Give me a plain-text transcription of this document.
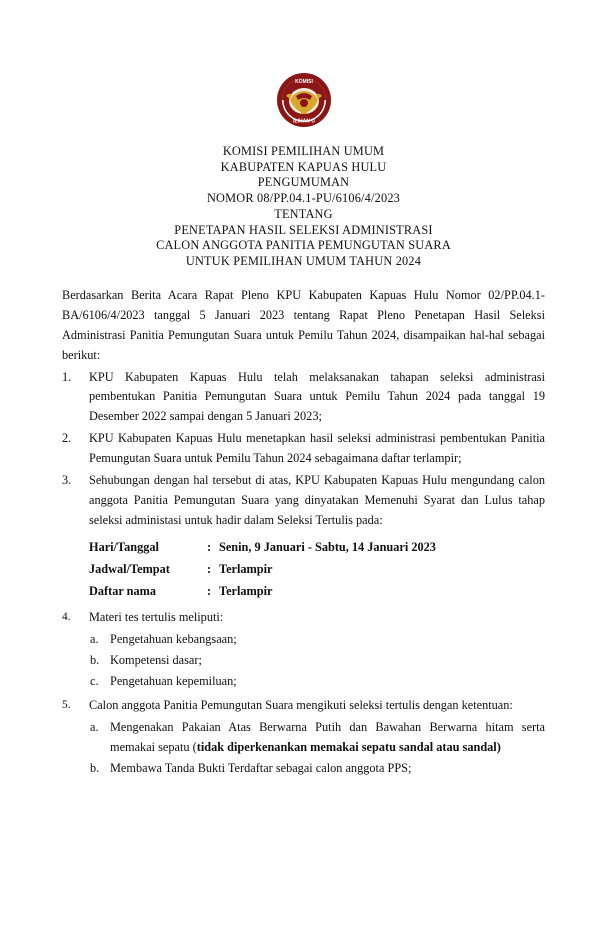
KOMISI
ILIHAN U
KOMISI PEMILIHAN UMUM
KABUPATEN KAPUAS HULU
PENGUMUMAN
NOMOR 08/PP.04.1-PU/6106/4/2023
TENTANG
PENETAPAN HASIL SELEKSI ADMINISTRASI
CALON ANGGOTA PANITIA PEMUNGUTAN SUARA
UNTUK PEMILIHAN UMUM TAHUN 2024
Berdasarkan Berita Acara Rapat Pleno KPU Kabupaten Kapuas Hulu Nomor 02/PP.04.1-BA/6106/4/2023 tanggal 5 Januari 2023 tentang Rapat Pleno Penetapan Hasil Seleksi Administrasi Panitia Pemungutan Suara untuk Pemilu Tahun 2024, disampaikan hal-hal sebagai berikut:
1.	KPU Kabupaten Kapuas Hulu telah melaksanakan tahapan seleksi administrasi pembentukan Panitia Pemungutan Suara untuk Pemilu Tahun 2024 pada tanggal 19 Desember 2022 sampai dengan 5 Januari 2023;
2.	KPU Kabupaten Kapuas Hulu menetapkan hasil seleksi administrasi pembentukan Panitia Pemungutan Suara untuk Pemilu Tahun 2024 sebagaimana daftar terlampir;
3.	Sehubungan dengan hal tersebut di atas, KPU Kabupaten Kapuas Hulu mengundang calon anggota Panitia Pemungutan Suara yang dinyatakan Memenuhi Syarat dan Lulus tahap seleksi administasi untuk hadir dalam Seleksi Tertulis pada:
Hari/Tanggal	: Senin, 9 Januari - Sabtu, 14 Januari 2023
Jadwal/Tempat	: Terlampir
Daftar nama	: Terlampir
4.	Materi tes tertulis meliputi:
a. Pengetahuan kebangsaan;
b. Kompetensi dasar;
c. Pengetahuan kepemiluan;
5.	Calon anggota Panitia Pemungutan Suara mengikuti seleksi tertulis dengan ketentuan:
a. Mengenakan Pakaian Atas Berwarna Putih dan Bawahan Berwarna hitam serta memakai sepatu (tidak diperkenankan memakai sepatu sandal atau sandal)
b. Membawa Tanda Bukti Terdaftar sebagai calon anggota PPS;
